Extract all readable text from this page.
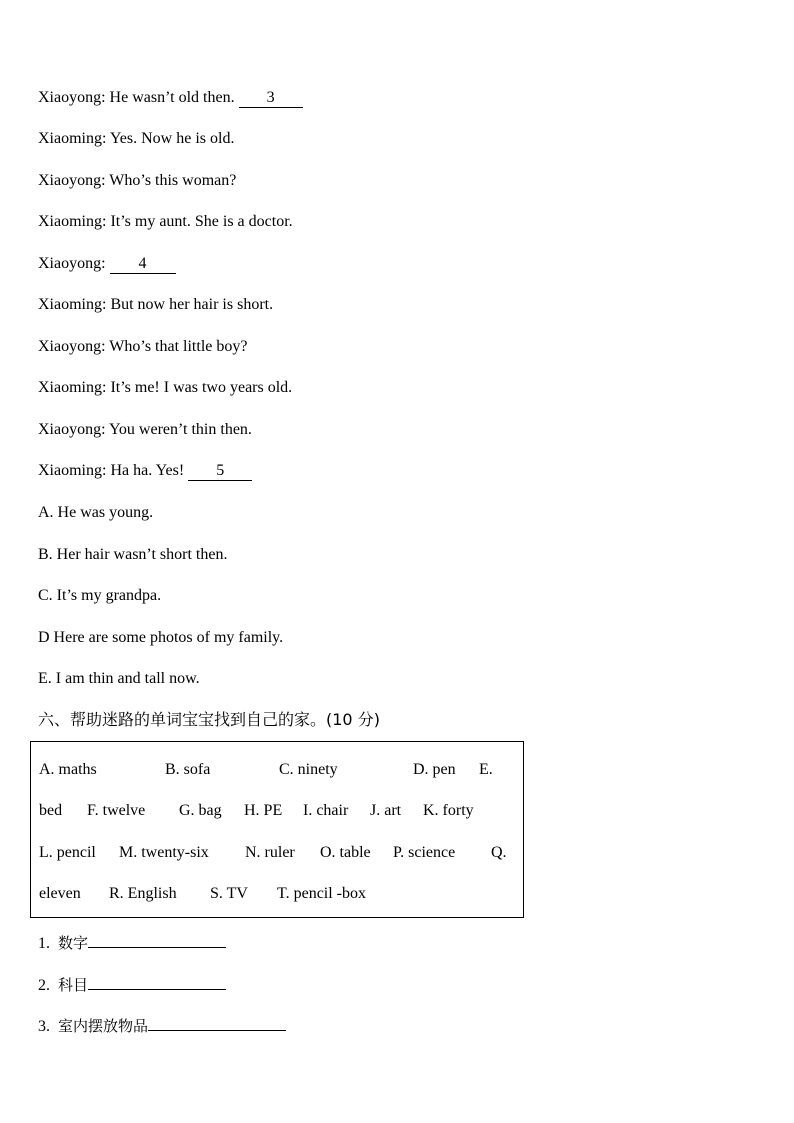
Xiaoyong: He wasn’t old then. 3
Xiaoming: Yes. Now he is old.
Xiaoyong: Who’s this woman?
Xiaoming: It’s my aunt. She is a doctor.
Xiaoyong: 4
Xiaoming: But now her hair is short.
Xiaoyong: Who’s that little boy?
Xiaoming: It’s me! I was two years old.
Xiaoyong: You weren’t thin then.
Xiaoming: Ha ha. Yes! 5
A. He was young.
B. Her hair wasn’t short then.
C. It’s my grandpa.
D Here are some photos of my family.
E. I am thin and tall now.
六、帮助迷路的单词宝宝找到自己的家。(10 分)
A. maths	B. sofa	C. ninety	D. pen E.
bed F. twelve G. bag H. PE I. chair J. art K. forty
L. pencil M. twenty-six N. ruler O. table P. science Q.
eleven R. English S. TV T. pencil -box
1. 数字
2. 科目
3. 室内摆放物品
